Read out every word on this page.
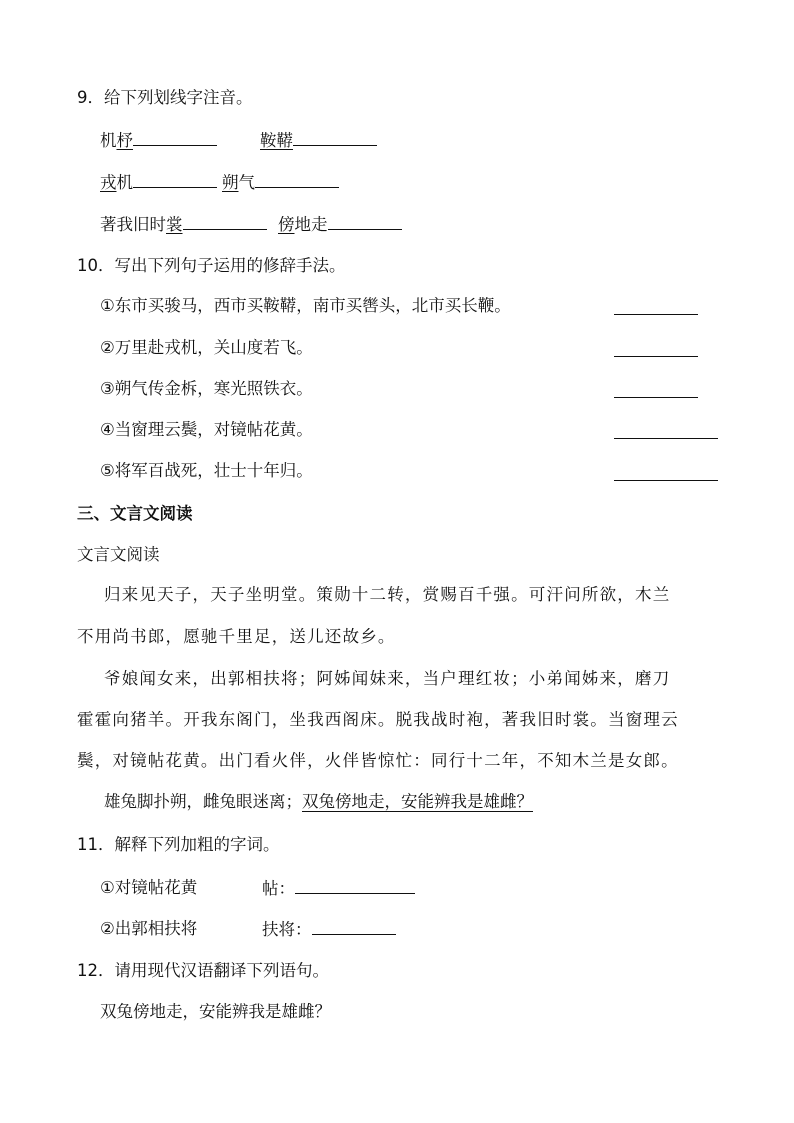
9．给下列划线字注音。
机杼	鞍鞯
戎机	朔气
著我旧时裳	傍地走
10．写出下列句子运用的修辞手法。
①东市买骏马，西市买鞍鞯，南市买辔头，北市买长鞭。
②万里赴戎机，关山度若飞。
③朔气传金柝，寒光照铁衣。
④当窗理云鬓，对镜帖花黄。
⑤将军百战死，壮士十年归。
三、文言文阅读
文言文阅读
归来见天子，天子坐明堂。策勋十二转，赏赐百千强。可汗问所欲，木兰
不用尚书郎，愿驰千里足，送儿还故乡。
爷娘闻女来，出郭相扶将；阿姊闻妹来，当户理红妆；小弟闻姊来，磨刀
霍霍向猪羊。开我东阁门，坐我西阁床。脱我战时袍，著我旧时裳。当窗理云
鬓，对镜帖花黄。出门看火伴，火伴皆惊忙：同行十二年，不知木兰是女郎。
雄兔脚扑朔，雌兔眼迷离；双兔傍地走，安能辨我是雄雌？
11．解释下列加粗的字词。
①对镜帖花黄	帖：
②出郭相扶将	扶将：
12．请用现代汉语翻译下列语句。
双兔傍地走，安能辨我是雄雌？
